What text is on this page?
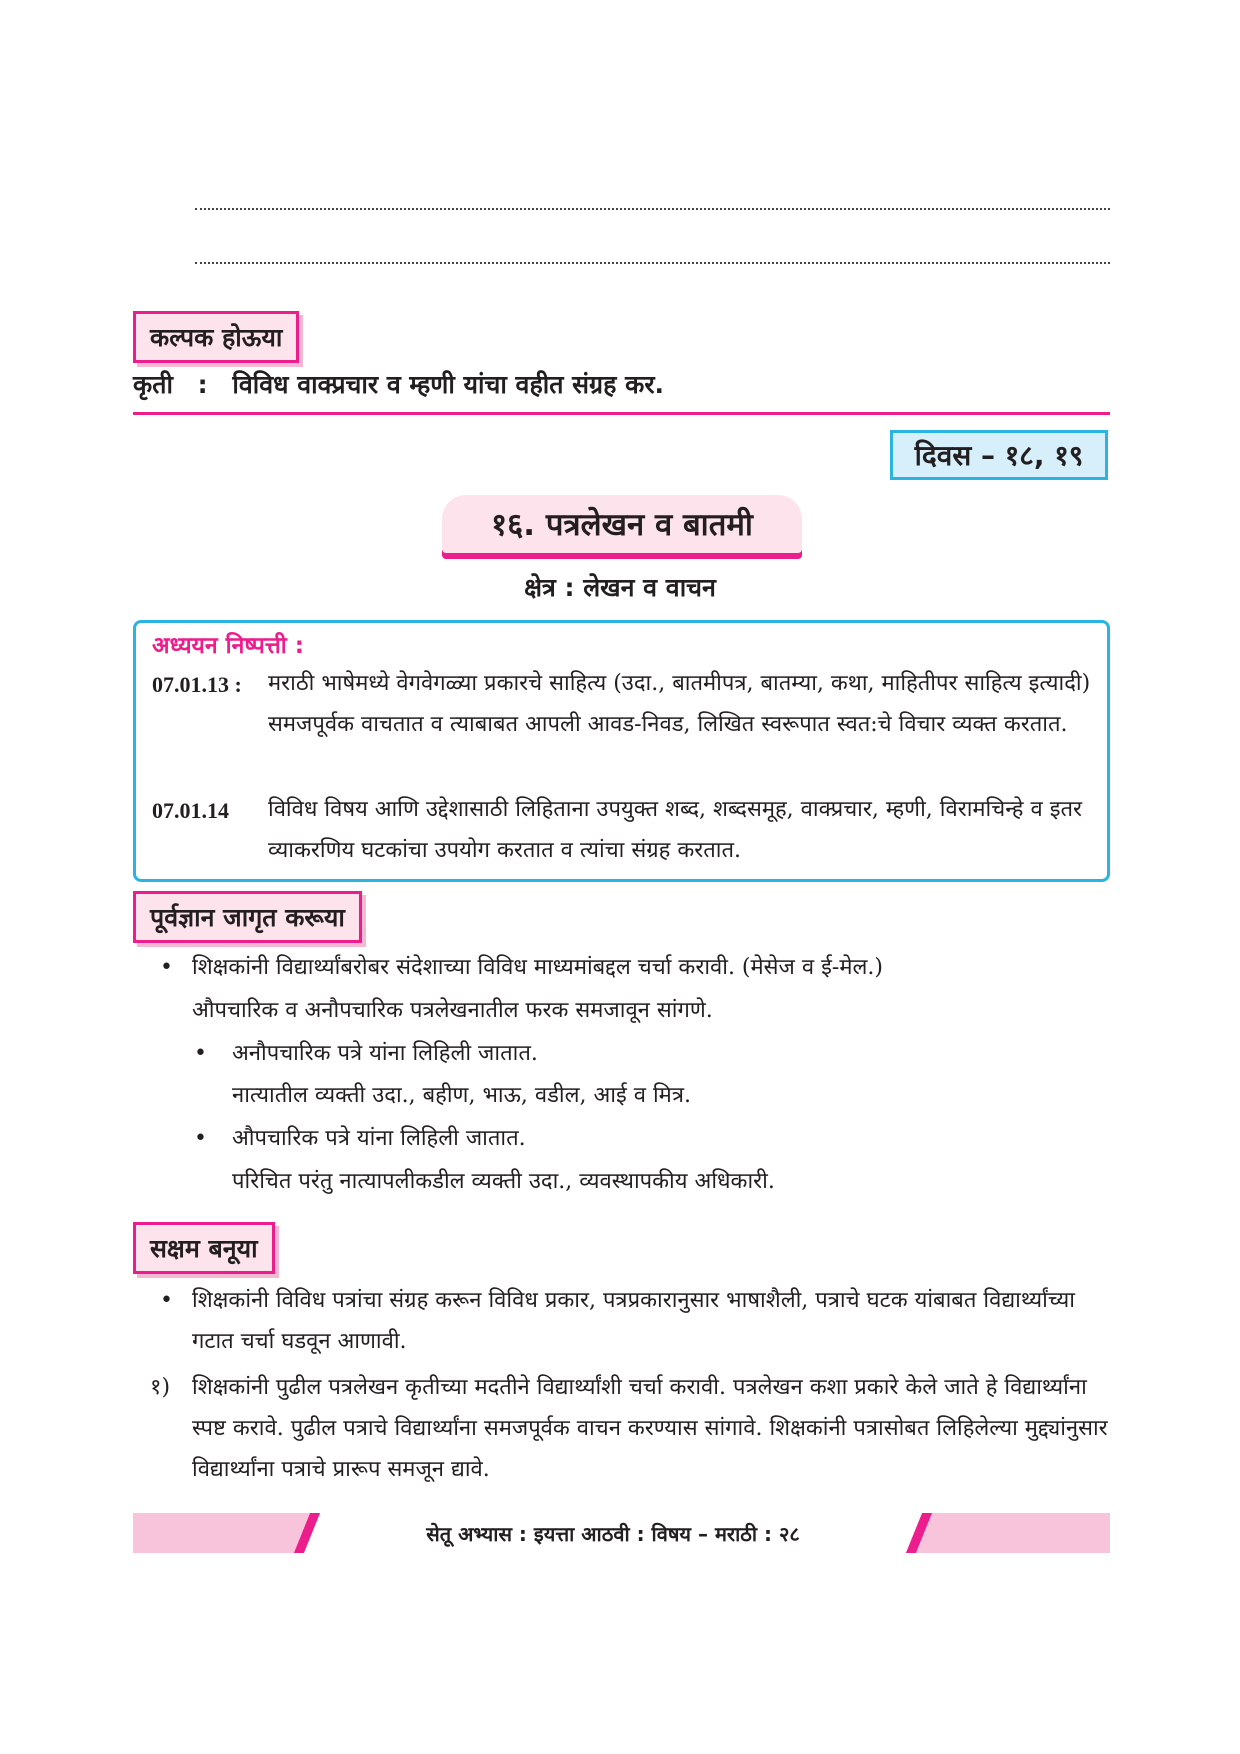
कल्पक होऊया
कृती : विविध वाक्प्रचार व म्हणी यांचा वहीत संग्रह कर.
दिवस – १८, १९
१६. पत्रलेखन व बातमी
क्षेत्र : लेखन व वाचन
अध्ययन निष्पत्ती :
07.01.13 : मराठी भाषेमध्ये वेगवेगळ्या प्रकारचे साहित्य (उदा., बातमीपत्र, बातम्या, कथा, माहितीपर साहित्य इत्यादी) समजपूर्वक वाचतात व त्याबाबत आपली आवड-निवड, लिखित स्वरूपात स्वत:चे विचार व्यक्त करतात.
07.01.14 विविध विषय आणि उद्देशासाठी लिहिताना उपयुक्त शब्द, शब्दसमूह, वाक्प्रचार, म्हणी, विरामचिन्हे व इतर व्याकरणिय घटकांचा उपयोग करतात व त्यांचा संग्रह करतात.
पूर्वज्ञान जागृत करूया
•
शिक्षकांनी विद्यार्थ्यांबरोबर संदेशाच्या विविध माध्यमांबद्दल चर्चा करावी. (मेसेज व ई-मेल.)
औपचारिक व अनौपचारिक पत्रलेखनातील फरक समजावून सांगणे.
•
अनौपचारिक पत्रे यांना लिहिली जातात.
नात्यातील व्यक्ती उदा., बहीण, भाऊ, वडील, आई व मित्र.
•
औपचारिक पत्रे यांना लिहिली जातात.
परिचित परंतु नात्यापलीकडील व्यक्ती उदा., व्यवस्थापकीय अधिकारी.
सक्षम बनूया
•
शिक्षकांनी विविध पत्रांचा संग्रह करून विविध प्रकार, पत्रप्रकारानुसार भाषाशैली, पत्राचे घटक यांबाबत विद्यार्थ्यांच्या गटात चर्चा घडवून आणावी.
१) शिक्षकांनी पुढील पत्रलेखन कृतीच्या मदतीने विद्यार्थ्यांशी चर्चा करावी. पत्रलेखन कशा प्रकारे केले जाते हे विद्यार्थ्यांना स्पष्ट करावे. पुढील पत्राचे विद्यार्थ्यांना समजपूर्वक वाचन करण्यास सांगावे. शिक्षकांनी पत्रासोबत लिहिलेल्या मुद्द्यांनुसार विद्यार्थ्यांना पत्राचे प्रारूप समजून द्यावे.
सेतू अभ्यास : इयत्ता आठवी : विषय – मराठी : २८
